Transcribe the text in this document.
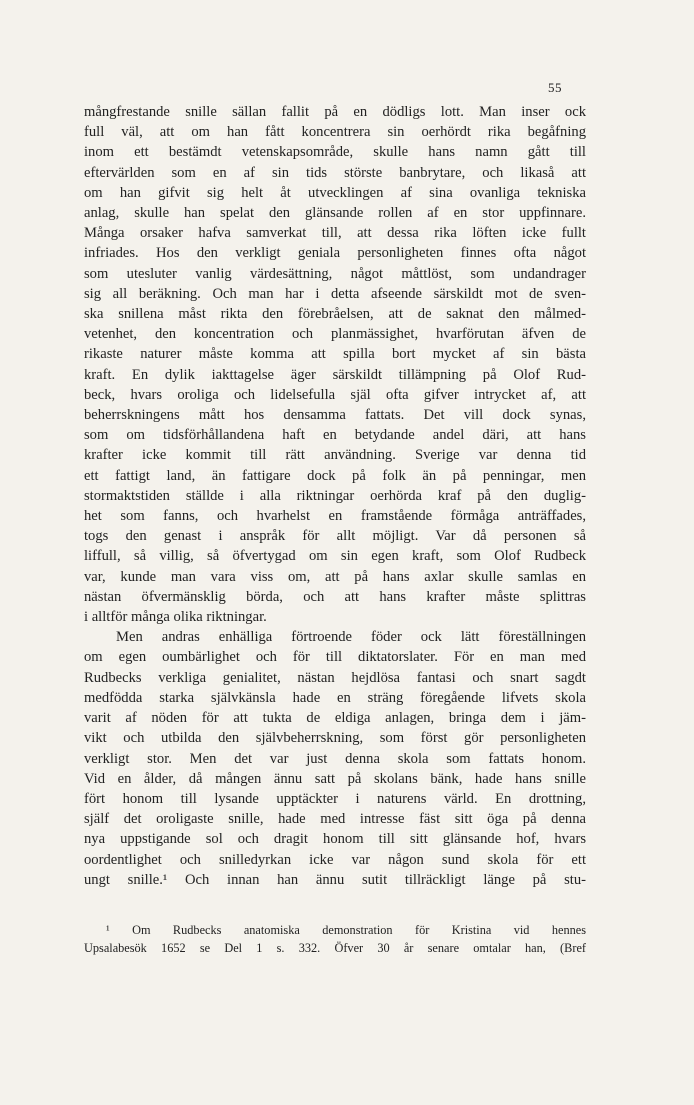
55
mångfrestande snille sällan fallit på en dödligs lott. Man inser ock
full väl, att om han fått koncentrera sin oerhördt rika begåfning
inom ett bestämdt vetenskapsområde, skulle hans namn gått till
eftervärlden som en af sin tids störste banbrytare, och likaså att
om han gifvit sig helt åt utvecklingen af sina ovanliga tekniska
anlag, skulle han spelat den glänsande rollen af en stor uppfinnare.
Många orsaker hafva samverkat till, att dessa rika löften icke fullt
infriades. Hos den verkligt geniala personligheten finnes ofta något
som utesluter vanlig värdesättning, något måttlöst, som undandrager
sig all beräkning. Och man har i detta afseende särskildt mot de sven-
ska snillena måst rikta den förebråelsen, att de saknat den målmed-
vetenhet, den koncentration och planmässighet, hvarförutan äfven de
rikaste naturer måste komma att spilla bort mycket af sin bästa
kraft. En dylik iakttagelse äger särskildt tillämpning på Olof Rud-
beck, hvars oroliga och lidelsefulla själ ofta gifver intrycket af, att
beherrskningens mått hos densamma fattats. Det vill dock synas,
som om tidsförhållandena haft en betydande andel däri, att hans
krafter icke kommit till rätt användning. Sverige var denna tid
ett fattigt land, än fattigare dock på folk än på penningar, men
stormaktstiden ställde i alla riktningar oerhörda kraf på den duglig-
het som fanns, och hvarhelst en framstående förmåga anträffades,
togs den genast i anspråk för allt möjligt. Var då personen så
liffull, så villig, så öfvertygad om sin egen kraft, som Olof Rudbeck
var, kunde man vara viss om, att på hans axlar skulle samlas en
nästan öfvermänsklig börda, och att hans krafter måste splittras
i alltför många olika riktningar.
Men andras enhälliga förtroende föder ock lätt föreställningen
om egen oumbärlighet och för till diktatorslater. För en man med
Rudbecks verkliga genialitet, nästan hejdlösa fantasi och snart sagdt
medfödda starka självkänsla hade en sträng föregående lifvets skola
varit af nöden för att tukta de eldiga anlagen, bringa dem i jäm-
vikt och utbilda den självbeherrskning, som först gör personligheten
verkligt stor. Men det var just denna skola som fattats honom.
Vid en ålder, då mången ännu satt på skolans bänk, hade hans snille
fört honom till lysande upptäckter i naturens värld. En drottning,
själf det oroligaste snille, hade med intresse fäst sitt öga på denna
nya uppstigande sol och dragit honom till sitt glänsande hof, hvars
oordentlighet och snilledyrkan icke var någon sund skola för ett
ungt snille.¹ Och innan han ännu sutit tillräckligt länge på stu-
¹ Om Rudbecks anatomiska demonstration för Kristina vid hennes
Upsalabesök 1652 se Del 1 s. 332. Öfver 30 år senare omtalar han, (Bref
